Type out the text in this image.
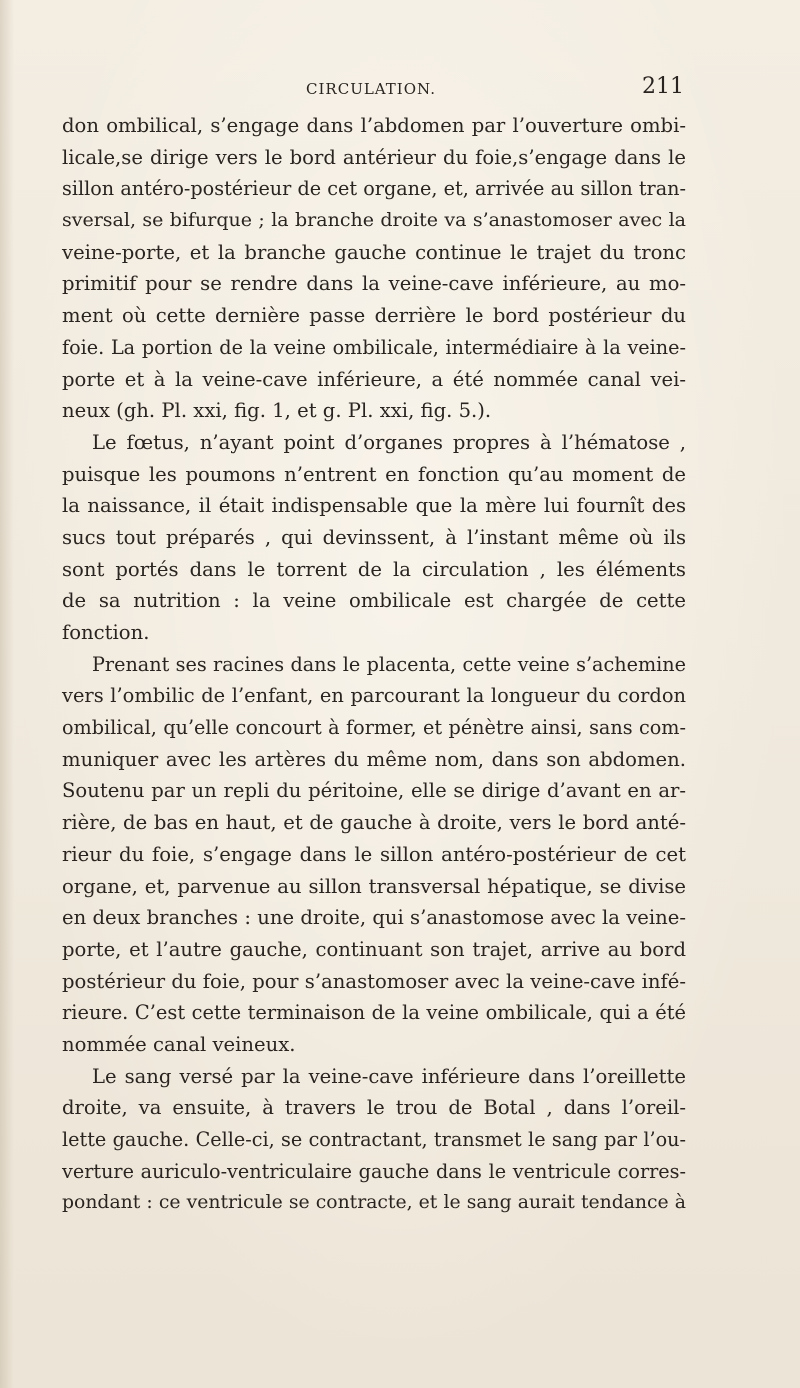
CIRCULATION.	211
don ombilical, s’engage dans l’abdomen par l’ouverture ombi-
licale,se dirige vers le bord antérieur du foie,s’engage dans le
sillon antéro-postérieur de cet organe, et, arrivée au sillon tran-
sversal, se bifurque ; la branche droite va s’anastomoser avec la
veine-porte, et la branche gauche continue le trajet du tronc
primitif pour se rendre dans la veine-cave inférieure, au mo-
ment où cette dernière passe derrière le bord postérieur du
foie. La portion de la veine ombilicale, intermédiaire à la veine-
porte et à la veine-cave inférieure, a été nommée canal vei-
neux (gh. Pl. xxi, fig. 1, et g. Pl. xxi, fig. 5.).
Le fœtus, n’ayant point d’organes propres à l’hématose ,
puisque les poumons n’entrent en fonction qu’au moment de
la naissance, il était indispensable que la mère lui fournît des
sucs tout préparés , qui devinssent, à l’instant même où ils
sont portés dans le torrent de la circulation , les éléments
de sa nutrition : la veine ombilicale est chargée de cette
fonction.
Prenant ses racines dans le placenta, cette veine s’achemine
vers l’ombilic de l’enfant, en parcourant la longueur du cordon
ombilical, qu’elle concourt à former, et pénètre ainsi, sans com-
muniquer avec les artères du même nom, dans son abdomen.
Soutenu par un repli du péritoine, elle se dirige d’avant en ar-
rière, de bas en haut, et de gauche à droite, vers le bord anté-
rieur du foie, s’engage dans le sillon antéro-postérieur de cet
organe, et, parvenue au sillon transversal hépatique, se divise
en deux branches : une droite, qui s’anastomose avec la veine-
porte, et l’autre gauche, continuant son trajet, arrive au bord
postérieur du foie, pour s’anastomoser avec la veine-cave infé-
rieure. C’est cette terminaison de la veine ombilicale, qui a été
nommée canal veineux.
Le sang versé par la veine-cave inférieure dans l’oreillette
droite, va ensuite, à travers le trou de Botal , dans l’oreil-
lette gauche. Celle-ci, se contractant, transmet le sang par l’ou-
verture auriculo-ventriculaire gauche dans le ventricule corres-
pondant : ce ventricule se contracte, et le sang aurait tendance à
